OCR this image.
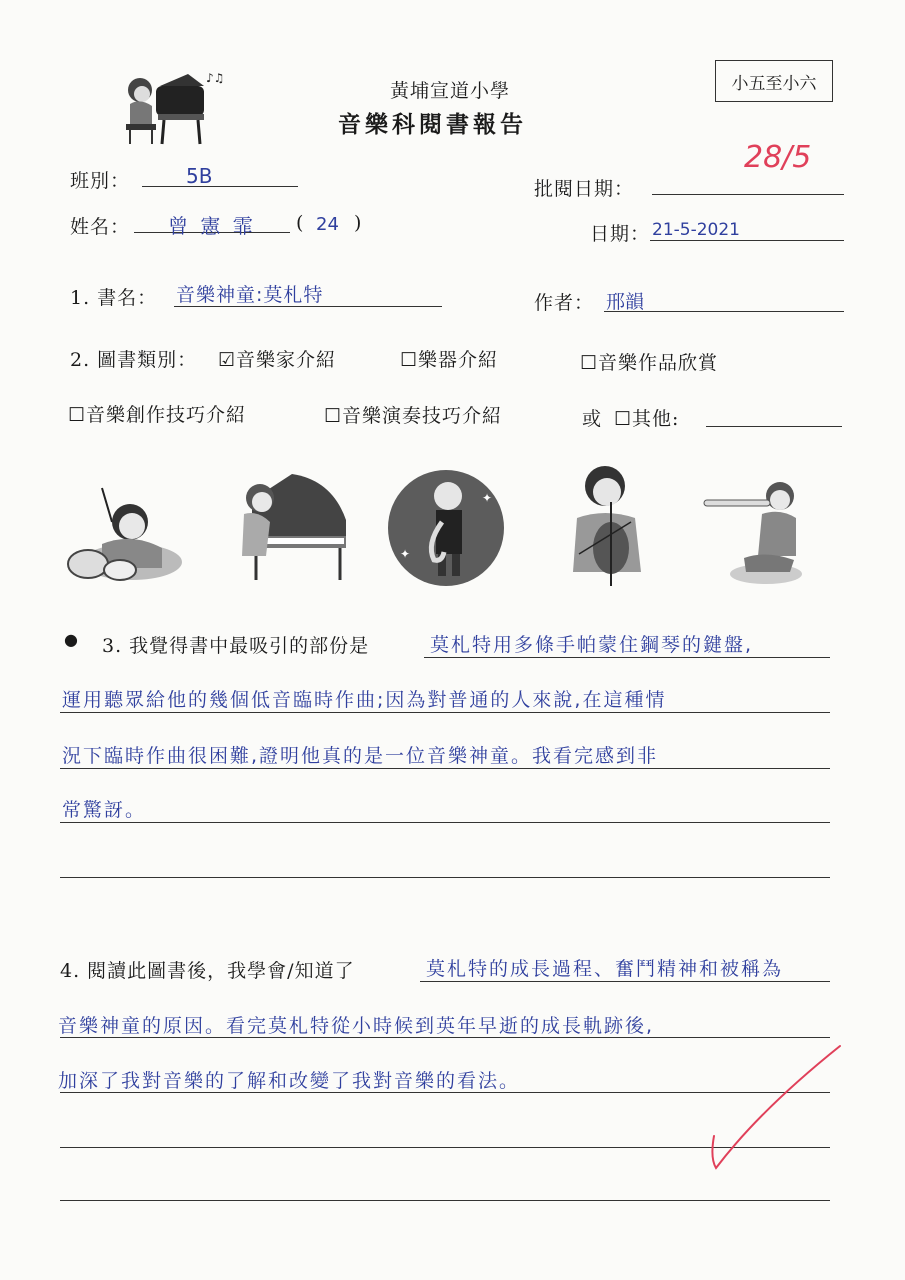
♪♫
黃埔宣道小學
音樂科閱書報告
小五至小六
班別：	5B
批閱日期：
28/5
姓名： 曾 憲 霏 ( 24 )	日期： 21-5-2021
1. 書名： 音樂神童:莫札特	作者： 邢韻
2. 圖書類別： ☑音樂家介紹	☐樂器介紹	☐音樂作品欣賞
☐音樂創作技巧介紹	☐音樂演奏技巧介紹	或 ☐其他:
✦
✦
● 3. 我覺得書中最吸引的部份是	莫札特用多條手帕蒙住鋼琴的鍵盤,
運用聽眾給他的幾個低音臨時作曲;因為對普通的人來說,在這種情
況下臨時作曲很困難,證明他真的是一位音樂神童。我看完感到非
常驚訝。
4. 閱讀此圖書後，我學會/知道了	莫札特的成長過程、奮鬥精神和被稱為
音樂神童的原因。看完莫札特從小時候到英年早逝的成長軌跡後,
加深了我對音樂的了解和改變了我對音樂的看法。
